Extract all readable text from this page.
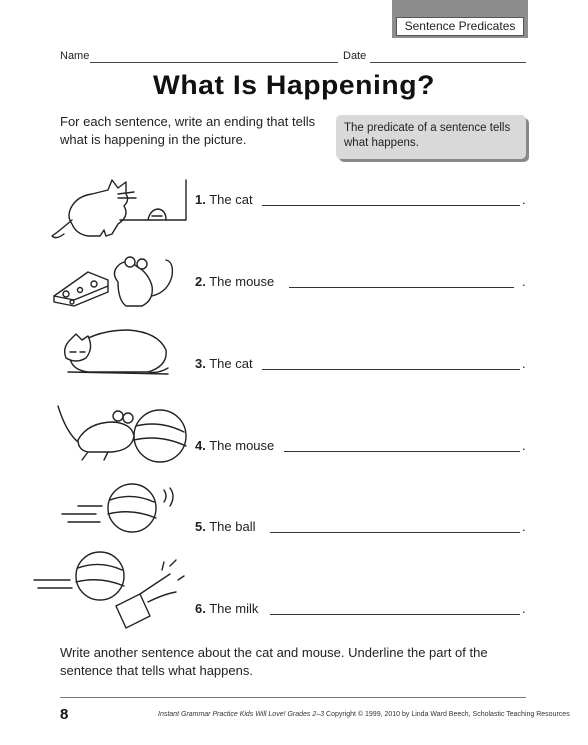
Sentence Predicates
Name	Date
What Is Happening?
For each sentence, write an ending that tells what is happening in the picture.
The predicate of a sentence tells what happens.
1. The cat	.
2. The mouse	.
3. The cat	.
4. The mouse	.
5. The ball	.
6. The milk	.
Write another sentence about the cat and mouse. Underline the part of the sentence that tells what happens.
8	Instant Grammar Practice Kids Will Love! Grades 2–3 Copyright © 1999, 2010 by Linda Ward Beech, Scholastic Teaching Resources
